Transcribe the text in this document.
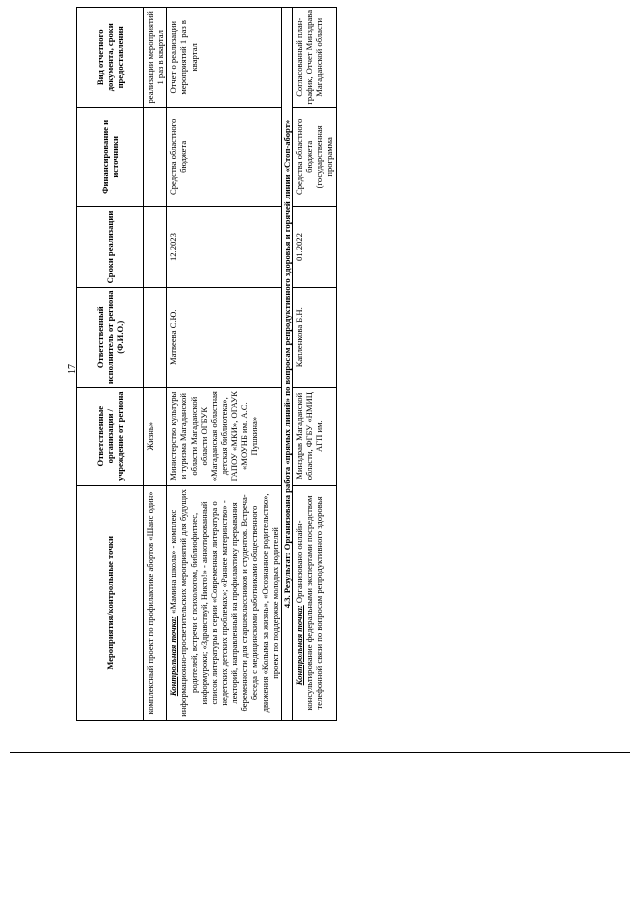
17
Мероприятия/контрольные точки	Ответственные организации / учреждение от региона	Ответственный исполнитель от региона (Ф.И.О.)	Сроки реализации	Финансирование и источники	Вид отчетного документа, сроки предоставления
комплексный проект по профилактике абортов «Шанс один»	Жизнь»				реализации мероприятий 1 раз в квартал
Контрольная точка: «Мамина школа» - комплекс информационно-просветительских мероприятий для будущих родителей, встречи с психологом, библиофитнес, информуроки; «Здравствуй, Никто!» - аннотированный список литературы в серии «Современная литература о недетских детских проблемах»; «Раннее материнство» - лекторий, направленный на профилактику прерывания беременности для старшеклассников и студентов. Встреча-беседа с медицинскими работниками общественного движения «Колыма за жизнь», «Осознанное родительство», проект по поддержке молодых родителей	Министерство культуры и туризма Магаданской области Магаданской области ОГБУК «Магаданская областная детская библиотека», ГАПОУ «МКИ», ОГАУК «МОУНБ им. А.С. Пушкина»	Матвеева С.Ю.	12.2023	Средства областного бюджета	Отчет о реализации мероприятий 1 раз в квартал
4.3. Результат: Организована работа «прямых линий» по вопросам репродуктивного здоровья и горячей линии «Стоп-аборт»					
Контрольная точка: Организовано онлайн-консультирование федеральными экспертами посредством телефонной связи по вопросам репродуктивного здоровья	Минздрав Магаданской области, ФГБУ «НМИЦ АГП им.	Капленкова Б.Н.	01.2022	Средства областного бюджета (государственная программа	Согласованный план-график, Отчет Минздрава Магаданской области
